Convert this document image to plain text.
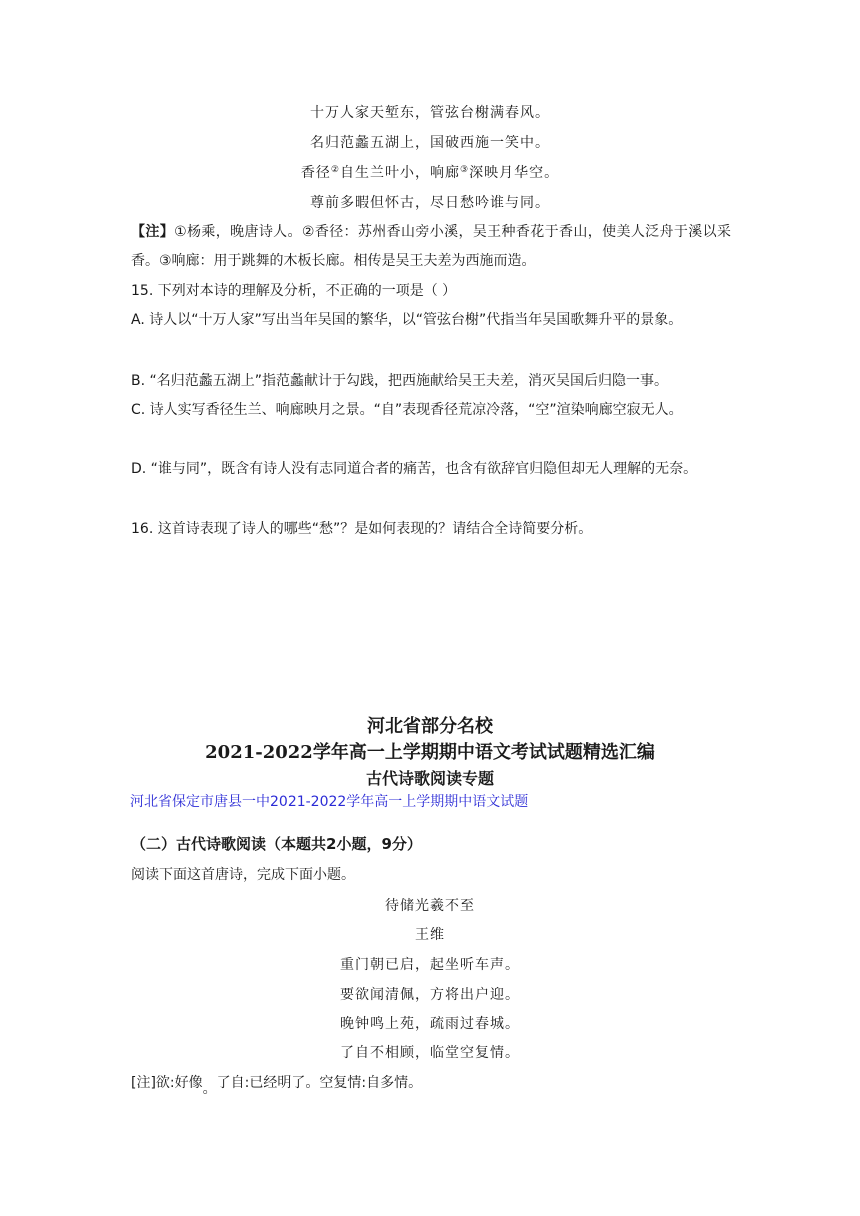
十万人家天堑东，管弦台榭满春风。
名归范蠡五湖上，国破西施一笑中。
香径②自生兰叶小，响廊③深映月华空。
尊前多暇但怀古，尽日愁吟谁与同。
【注】①杨乘，晚唐诗人。②香径：苏州香山旁小溪，吴王种香花于香山，使美人泛舟于溪以采香。③响廊：用于跳舞的木板长廊。相传是吴王夫差为西施而造。
15. 下列对本诗的理解及分析，不正确的一项是（ ）
A. 诗人以“十万人家”写出当年吴国的繁华，以“管弦台榭”代指当年吴国歌舞升平的景象。
B. “名归范蠡五湖上”指范蠡献计于勾践，把西施献给吴王夫差，消灭吴国后归隐一事。
C. 诗人实写香径生兰、响廊映月之景。“自”表现香径荒凉冷落，“空”渲染响廊空寂无人。
D. “谁与同”，既含有诗人没有志同道合者的痛苦，也含有欲辞官归隐但却无人理解的无奈。
16. 这首诗表现了诗人的哪些“愁”？是如何表现的？请结合全诗简要分析。
河北省部分名校
2021-2022学年高一上学期期中语文考试试题精选汇编
古代诗歌阅读专题
河北省保定市唐县一中2021-2022学年高一上学期期中语文试题
（二）古代诗歌阅读（本题共2小题，9分）
阅读下面这首唐诗，完成下面小题。
待储光羲不至
王维
重门朝已启，起坐听车声。
要欲闻清佩，方将出户迎。
晚钟鸣上苑，疏雨过春城。
了自不相顾，临堂空复情。
[注]欲:好像。了自:已经明了。空复情:自多情。
